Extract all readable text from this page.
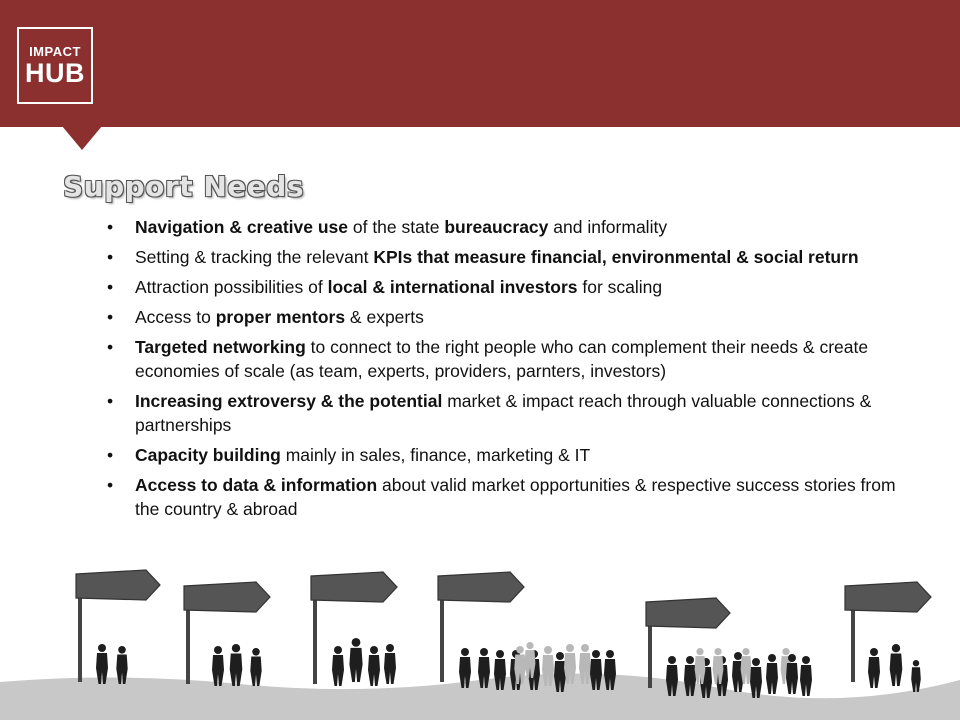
IMPACT
HUB
Support Needs
• Navigation & creative use of the state bureaucracy and informality
• Setting & tracking the relevant KPIs that measure financial, environmental & social return
• Attraction possibilities of local & international investors for scaling
• Access to proper mentors & experts
• Targeted networking to connect to the right people who can complement their needs & create economies of scale (as team, experts, providers, parnters, investors)
• Increasing extroversy & the potential market & impact reach through valuable connections & partnerships
• Capacity building mainly in sales, finance, marketing & IT
• Access to data & information about valid market opportunities & respective success stories from the country & abroad
